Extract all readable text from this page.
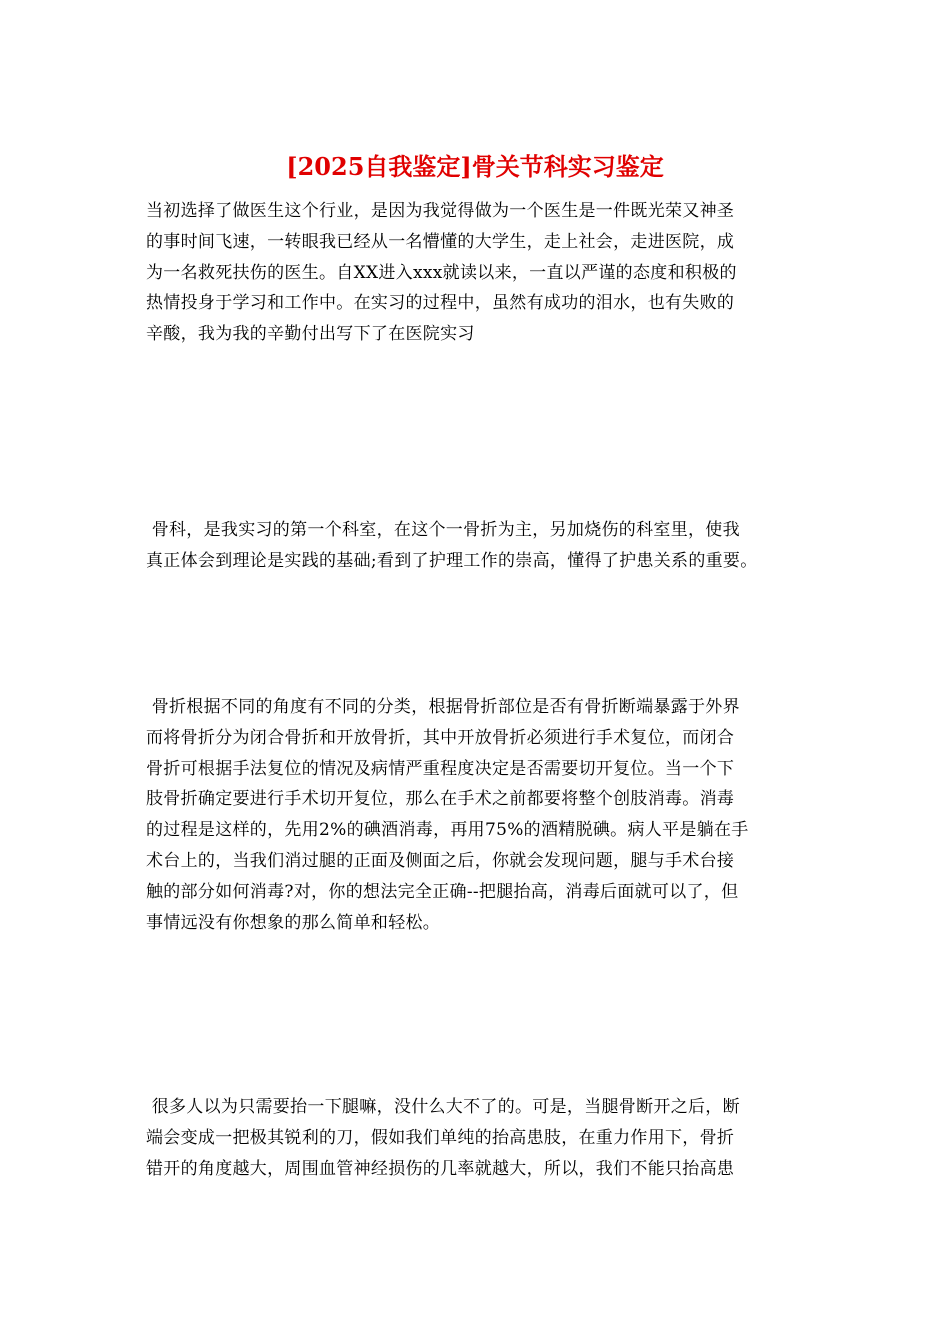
[2025自我鉴定]骨关节科实习鉴定

当初选择了做医生这个行业，是因为我觉得做为一个医生是一件既光荣又神圣
的事时间飞速，一转眼我已经从一名懵懂的大学生，走上社会，走进医院，成
为一名救死扶伤的医生。自XX进入xxx就读以来，一直以严谨的态度和积极的
热情投身于学习和工作中。在实习的过程中，虽然有成功的泪水，也有失败的
辛酸，我为我的辛勤付出写下了在医院实习

骨科，是我实习的第一个科室，在这个一骨折为主，另加烧伤的科室里，使我
真正体会到理论是实践的基础;看到了护理工作的崇高，懂得了护患关系的重要。

骨折根据不同的角度有不同的分类，根据骨折部位是否有骨折断端暴露于外界
而将骨折分为闭合骨折和开放骨折，其中开放骨折必须进行手术复位，而闭合
骨折可根据手法复位的情况及病情严重程度决定是否需要切开复位。当一个下
肢骨折确定要进行手术切开复位，那么在手术之前都要将整个创肢消毒。消毒
的过程是这样的，先用2%的碘酒消毒，再用75%的酒精脱碘。病人平是躺在手
术台上的，当我们消过腿的正面及侧面之后，你就会发现问题，腿与手术台接
触的部分如何消毒?对，你的想法完全正确--把腿抬高，消毒后面就可以了，但
事情远没有你想象的那么简单和轻松。

很多人以为只需要抬一下腿嘛，没什么大不了的。可是，当腿骨断开之后，断
端会变成一把极其锐利的刀，假如我们单纯的抬高患肢，在重力作用下，骨折
错开的角度越大，周围血管神经损伤的几率就越大，所以，我们不能只抬高患
